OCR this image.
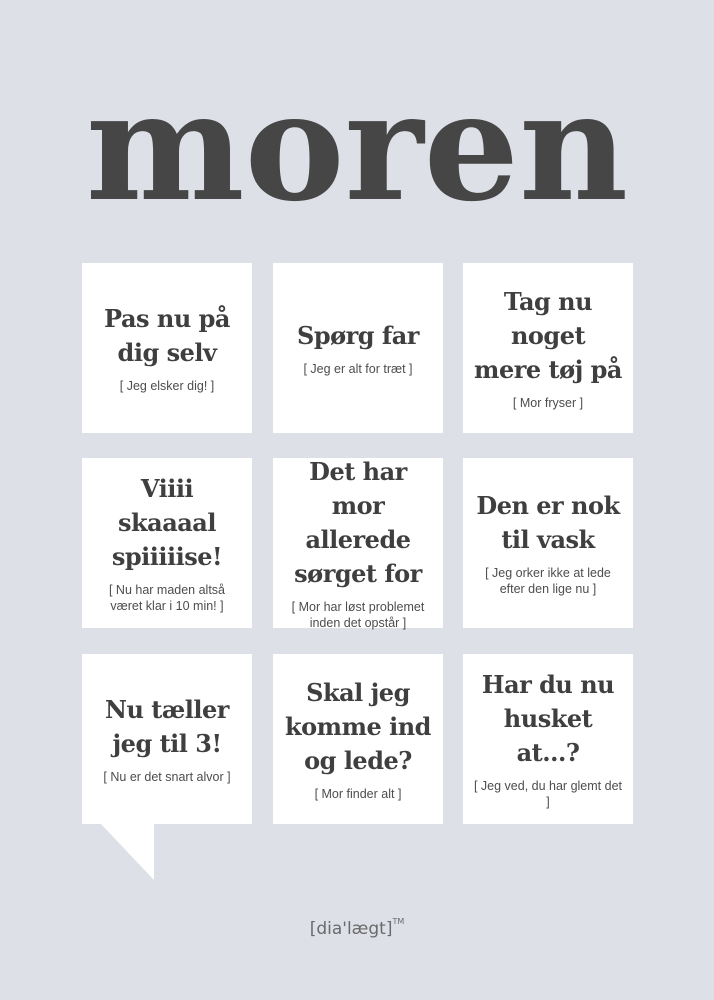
moren
Pas nu på
dig selv
[ Jeg elsker dig! ]
Spørg far
[ Jeg er alt for træt ]
Tag nu noget
mere tøj på
[ Mor fryser ]
Viiii skaaaal
spiiiiise!
[ Nu har maden altså
været klar i 10 min! ]
Det har mor
allerede
sørget for
[ Mor har løst problemet
inden det opstår ]
Den er nok
til vask
[ Jeg orker ikke at lede
efter den lige nu ]
Nu tæller
jeg til 3!
[ Nu er det snart alvor ]
Skal jeg
komme ind
og lede?
[ Mor finder alt ]
Har du nu
husket at...?
[ Jeg ved, du har glemt det ]
[dia'lægt]™
